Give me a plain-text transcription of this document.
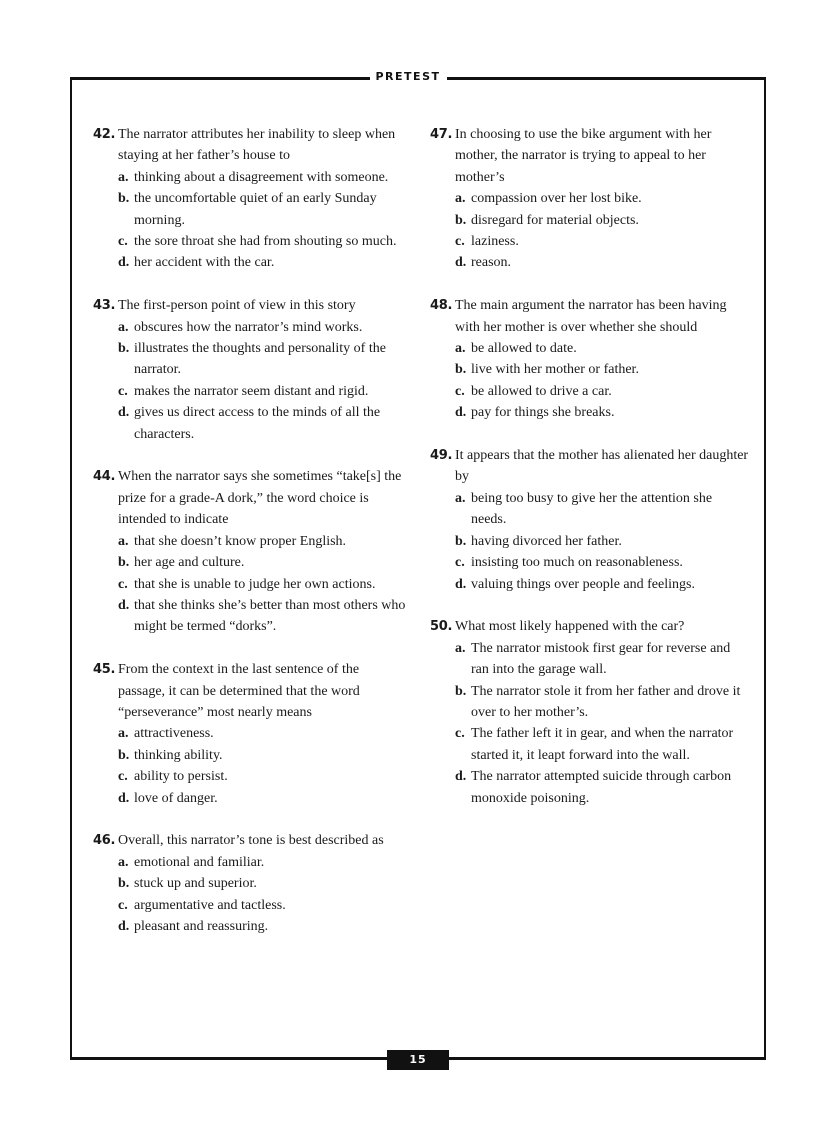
PRETEST
15
42. The narrator attributes her inability to sleep when staying at her father’s house to
a. thinking about a disagreement with someone.
b. the uncomfortable quiet of an early Sunday morning.
c. the sore throat she had from shouting so much.
d. her accident with the car.
43. The first-person point of view in this story
a. obscures how the narrator’s mind works.
b. illustrates the thoughts and personality of the narrator.
c. makes the narrator seem distant and rigid.
d. gives us direct access to the minds of all the characters.
44. When the narrator says she sometimes “take[s] the prize for a grade-A dork,” the word choice is intended to indicate
a. that she doesn’t know proper English.
b. her age and culture.
c. that she is unable to judge her own actions.
d. that she thinks she’s better than most others who might be termed “dorks”.
45. From the context in the last sentence of the passage, it can be determined that the word “perseverance” most nearly means
a. attractiveness.
b. thinking ability.
c. ability to persist.
d. love of danger.
46. Overall, this narrator’s tone is best described as
a. emotional and familiar.
b. stuck up and superior.
c. argumentative and tactless.
d. pleasant and reassuring.
47. In choosing to use the bike argument with her mother, the narrator is trying to appeal to her mother’s
a. compassion over her lost bike.
b. disregard for material objects.
c. laziness.
d. reason.
48. The main argument the narrator has been having with her mother is over whether she should
a. be allowed to date.
b. live with her mother or father.
c. be allowed to drive a car.
d. pay for things she breaks.
49. It appears that the mother has alienated her daughter by
a. being too busy to give her the attention she needs.
b. having divorced her father.
c. insisting too much on reasonableness.
d. valuing things over people and feelings.
50. What most likely happened with the car?
a. The narrator mistook first gear for reverse and ran into the garage wall.
b. The narrator stole it from her father and drove it over to her mother’s.
c. The father left it in gear, and when the narrator started it, it leapt forward into the wall.
d. The narrator attempted suicide through carbon monoxide poisoning.
